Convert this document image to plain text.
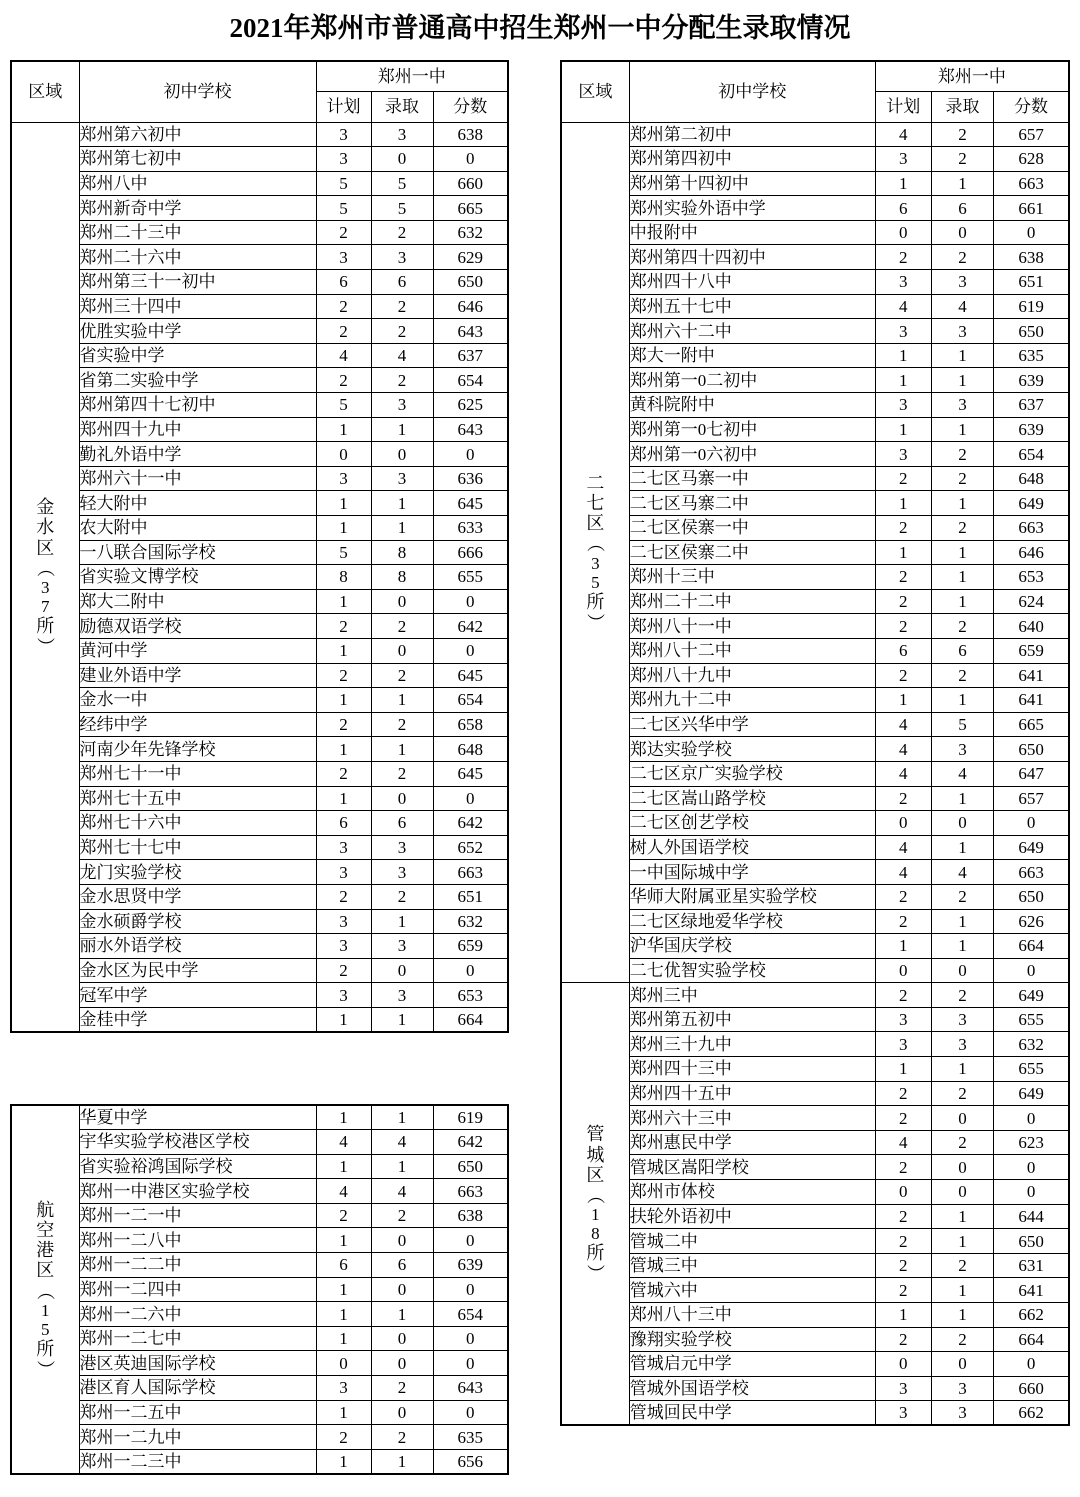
2021年郑州市普通高中招生郑州一中分配生录取情况
区域	初中学校	郑州一中		
		计划	录取	分数

金
水
区
（
3
7
所
）
	郑州第六初中	3	3	638
	郑州第七初中	3	0	0
	郑州八中	5	5	660
	郑州新奇中学	5	5	665
	郑州二十三中	2	2	632
	郑州二十六中	3	3	629
	郑州第三十一初中	6	6	650
	郑州三十四中	2	2	646
	优胜实验中学	2	2	643
	省实验中学	4	4	637
	省第二实验中学	2	2	654
	郑州第四十七初中	5	3	625
	郑州四十九中	1	1	643
	勤礼外语中学	0	0	0
	郑州六十一中	3	3	636
	轻大附中	1	1	645
	农大附中	1	1	633
	一八联合国际学校	5	8	666
	省实验文博学校	8	8	655
	郑大二附中	1	0	0
	励德双语学校	2	2	642
	黄河中学	1	0	0
	建业外语中学	2	2	645
	金水一中	1	1	654
	经纬中学	2	2	658
	河南少年先锋学校	1	1	648
	郑州七十一中	2	2	645
	郑州七十五中	1	0	0
	郑州七十六中	6	6	642
	郑州七十七中	3	3	652
	龙门实验学校	3	3	663
	金水思贤中学	2	2	651
	金水硕爵学校	3	1	632
	丽水外语学校	3	3	659
	金水区为民中学	2	0	0
	冠军中学	3	3	653
	金桂中学	1	1	664
航
空
港
区
（
1
5
所
）
	华夏中学	1	1	619
	宇华实验学校港区学校	4	4	642
	省实验裕鸿国际学校	1	1	650
	郑州一中港区实验学校	4	4	663
	郑州一二一中	2	2	638
	郑州一二八中	1	0	0
	郑州一二二中	6	6	639
	郑州一二四中	1	0	0
	郑州一二六中	1	1	654
	郑州一二七中	1	0	0
	港区英迪国际学校	0	0	0
	港区育人国际学校	3	2	643
	郑州一二五中	1	0	0
	郑州一二九中	2	2	635
	郑州一二三中	1	1	656
区域	初中学校	郑州一中		
		计划	录取	分数

二
七
区
（
3
5
所
）
	郑州第二初中	4	2	657
	郑州第四初中	3	2	628
	郑州第十四初中	1	1	663
	郑州实验外语中学	6	6	661
	中报附中	0	0	0
	郑州第四十四初中	2	2	638
	郑州四十八中	3	3	651
	郑州五十七中	4	4	619
	郑州六十二中	3	3	650
	郑大一附中	1	1	635
	郑州第一0二初中	1	1	639
	黄科院附中	3	3	637
	郑州第一0七初中	1	1	639
	郑州第一0六初中	3	2	654
	二七区马寨一中	2	2	648
	二七区马寨二中	1	1	649
	二七区侯寨一中	2	2	663
	二七区侯寨二中	1	1	646
	郑州十三中	2	1	653
	郑州二十二中	2	1	624
	郑州八十一中	2	2	640
	郑州八十二中	6	6	659
	郑州八十九中	2	2	641
	郑州九十二中	1	1	641
	二七区兴华中学	4	5	665
	郑达实验学校	4	3	650
	二七区京广实验学校	4	4	647
	二七区嵩山路学校	2	1	657
	二七区创艺学校	0	0	0
	树人外国语学校	4	1	649
	一中国际城中学	4	4	663
	华师大附属亚星实验学校	2	2	650
	二七区绿地爱华学校	2	1	626
	沪华国庆学校	1	1	664
	二七优智实验学校	0	0	0

管
城
区
（
1
8
所
）
	郑州三中	2	2	649
	郑州第五初中	3	3	655
	郑州三十九中	3	3	632
	郑州四十三中	1	1	655
	郑州四十五中	2	2	649
	郑州六十三中	2	0	0
	郑州惠民中学	4	2	623
	管城区嵩阳学校	2	0	0
	郑州市体校	0	0	0
	扶轮外语初中	2	1	644
	管城二中	2	1	650
	管城三中	2	2	631
	管城六中	2	1	641
	郑州八十三中	1	1	662
	豫翔实验学校	2	2	664
	管城启元中学	0	0	0
	管城外国语学校	3	3	660
	管城回民中学	3	3	662
